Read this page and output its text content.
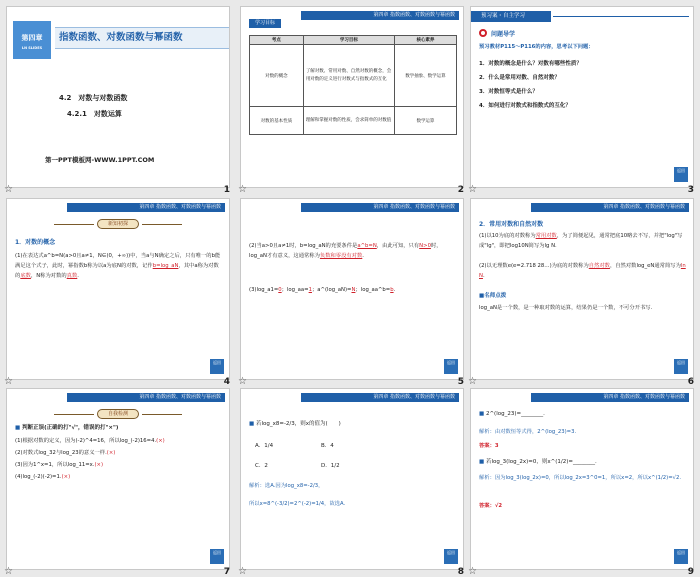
第四章
LN SLIDES
指数函数、对数函数与幂函数
4.2　对数与对数函数
4.2.1　对数运算
第一PPT模板网-WWW.1PPT.COM
☆	1
第四章 指数函数、对数函数与幂函数
学习目标
考点	学习目标	核心素养
对数的概念	了解对数、常用对数、自然对数的概念，会用对数的定义进行对数式与指数式的互化	数学抽象、数学运算
对数的基本性质	理解和掌握对数的性质，会求简单的对数值	数学运算
☆	2
预习案・自主学习
问题导学
预习教材P115～P116的内容，思考以下问题：
1．对数的概念是什么？对数有哪些性质？
2．什么是常用对数、自然对数？
3．对数恒等式是什么？
4．如何进行对数式和指数式的互化？
返回
☆	3
第四章 指数函数、对数函数与幂函数
新知初探
1．对数的概念
(1)在表达式a^b=N(a>0且a≠1，N∈(0，+∞))中，当a与N确定之后，只有唯一的b能满足这个式子，此时，幂指数b称为以a为底N的对数，记作b=log_aN，其中a称为对数的底数，N称为对数的真数.
返回
☆	4
第四章 指数函数、对数函数与幂函数
(2)当a>0且a≠1时，b=log_aN的充要条件是a^b=N，由此可知，只有N>0时，log_aN才有意义，这通常称为负数和零没有对数.
(3)log_a1=0；log_aa=1；a^(log_aN)=N；log_aa^b=b.
返回
☆	5
第四章 指数函数、对数函数与幂函数
2．常用对数和自然对数
(1)以10为底的对数称为常用对数，为了简便起见，通常把底10略去不写，并把"log"写成"lg"，即把log10N简写为lg N.
(2)以无理数e(e=2.718 28…)为底的对数称为自然对数，自然对数log_eN通常简写为ln N.
■名师点拨
log_aN是一个数，是一种取对数的运算，结果仍是一个数，不可分开书写.
返回
☆	6
第四章 指数函数、对数函数与幂函数
自我检测
■ 判断正误(正确的打"√"，错误的打"×")
(1)根据对数的定义，因为(-2)^4=16，所以log_(-2)16=4.(×)
(2)对数式log_32与log_23的意义一样.(×)
(3)因为1^x=1，所以log_11=x.(×)
(4)log_(-2)(-2)=1.(×)
返回
☆	7
第四章 指数函数、对数函数与幂函数
■ 若log_x8=-2/3，则x的值为(　　)
A．1/4	B．4
C．2	D．1/2
解析：选A.因为log_x8=-2/3，
所以x=8^(-3/2)=2^(-2)=1/4，故选A.
返回
☆	8
第四章 指数函数、对数函数与幂函数
■ 2^(log_23)=________.
解析：由对数恒等式得，2^(log_23)=3.
答案：3
■ 若log_3(log_2x)=0，则x^(1/2)=________.
解析：因为log_3(log_2x)=0，所以log_2x=3^0=1，所以x=2，所以x^(1/2)=√2.
答案：√2
返回
☆	9
